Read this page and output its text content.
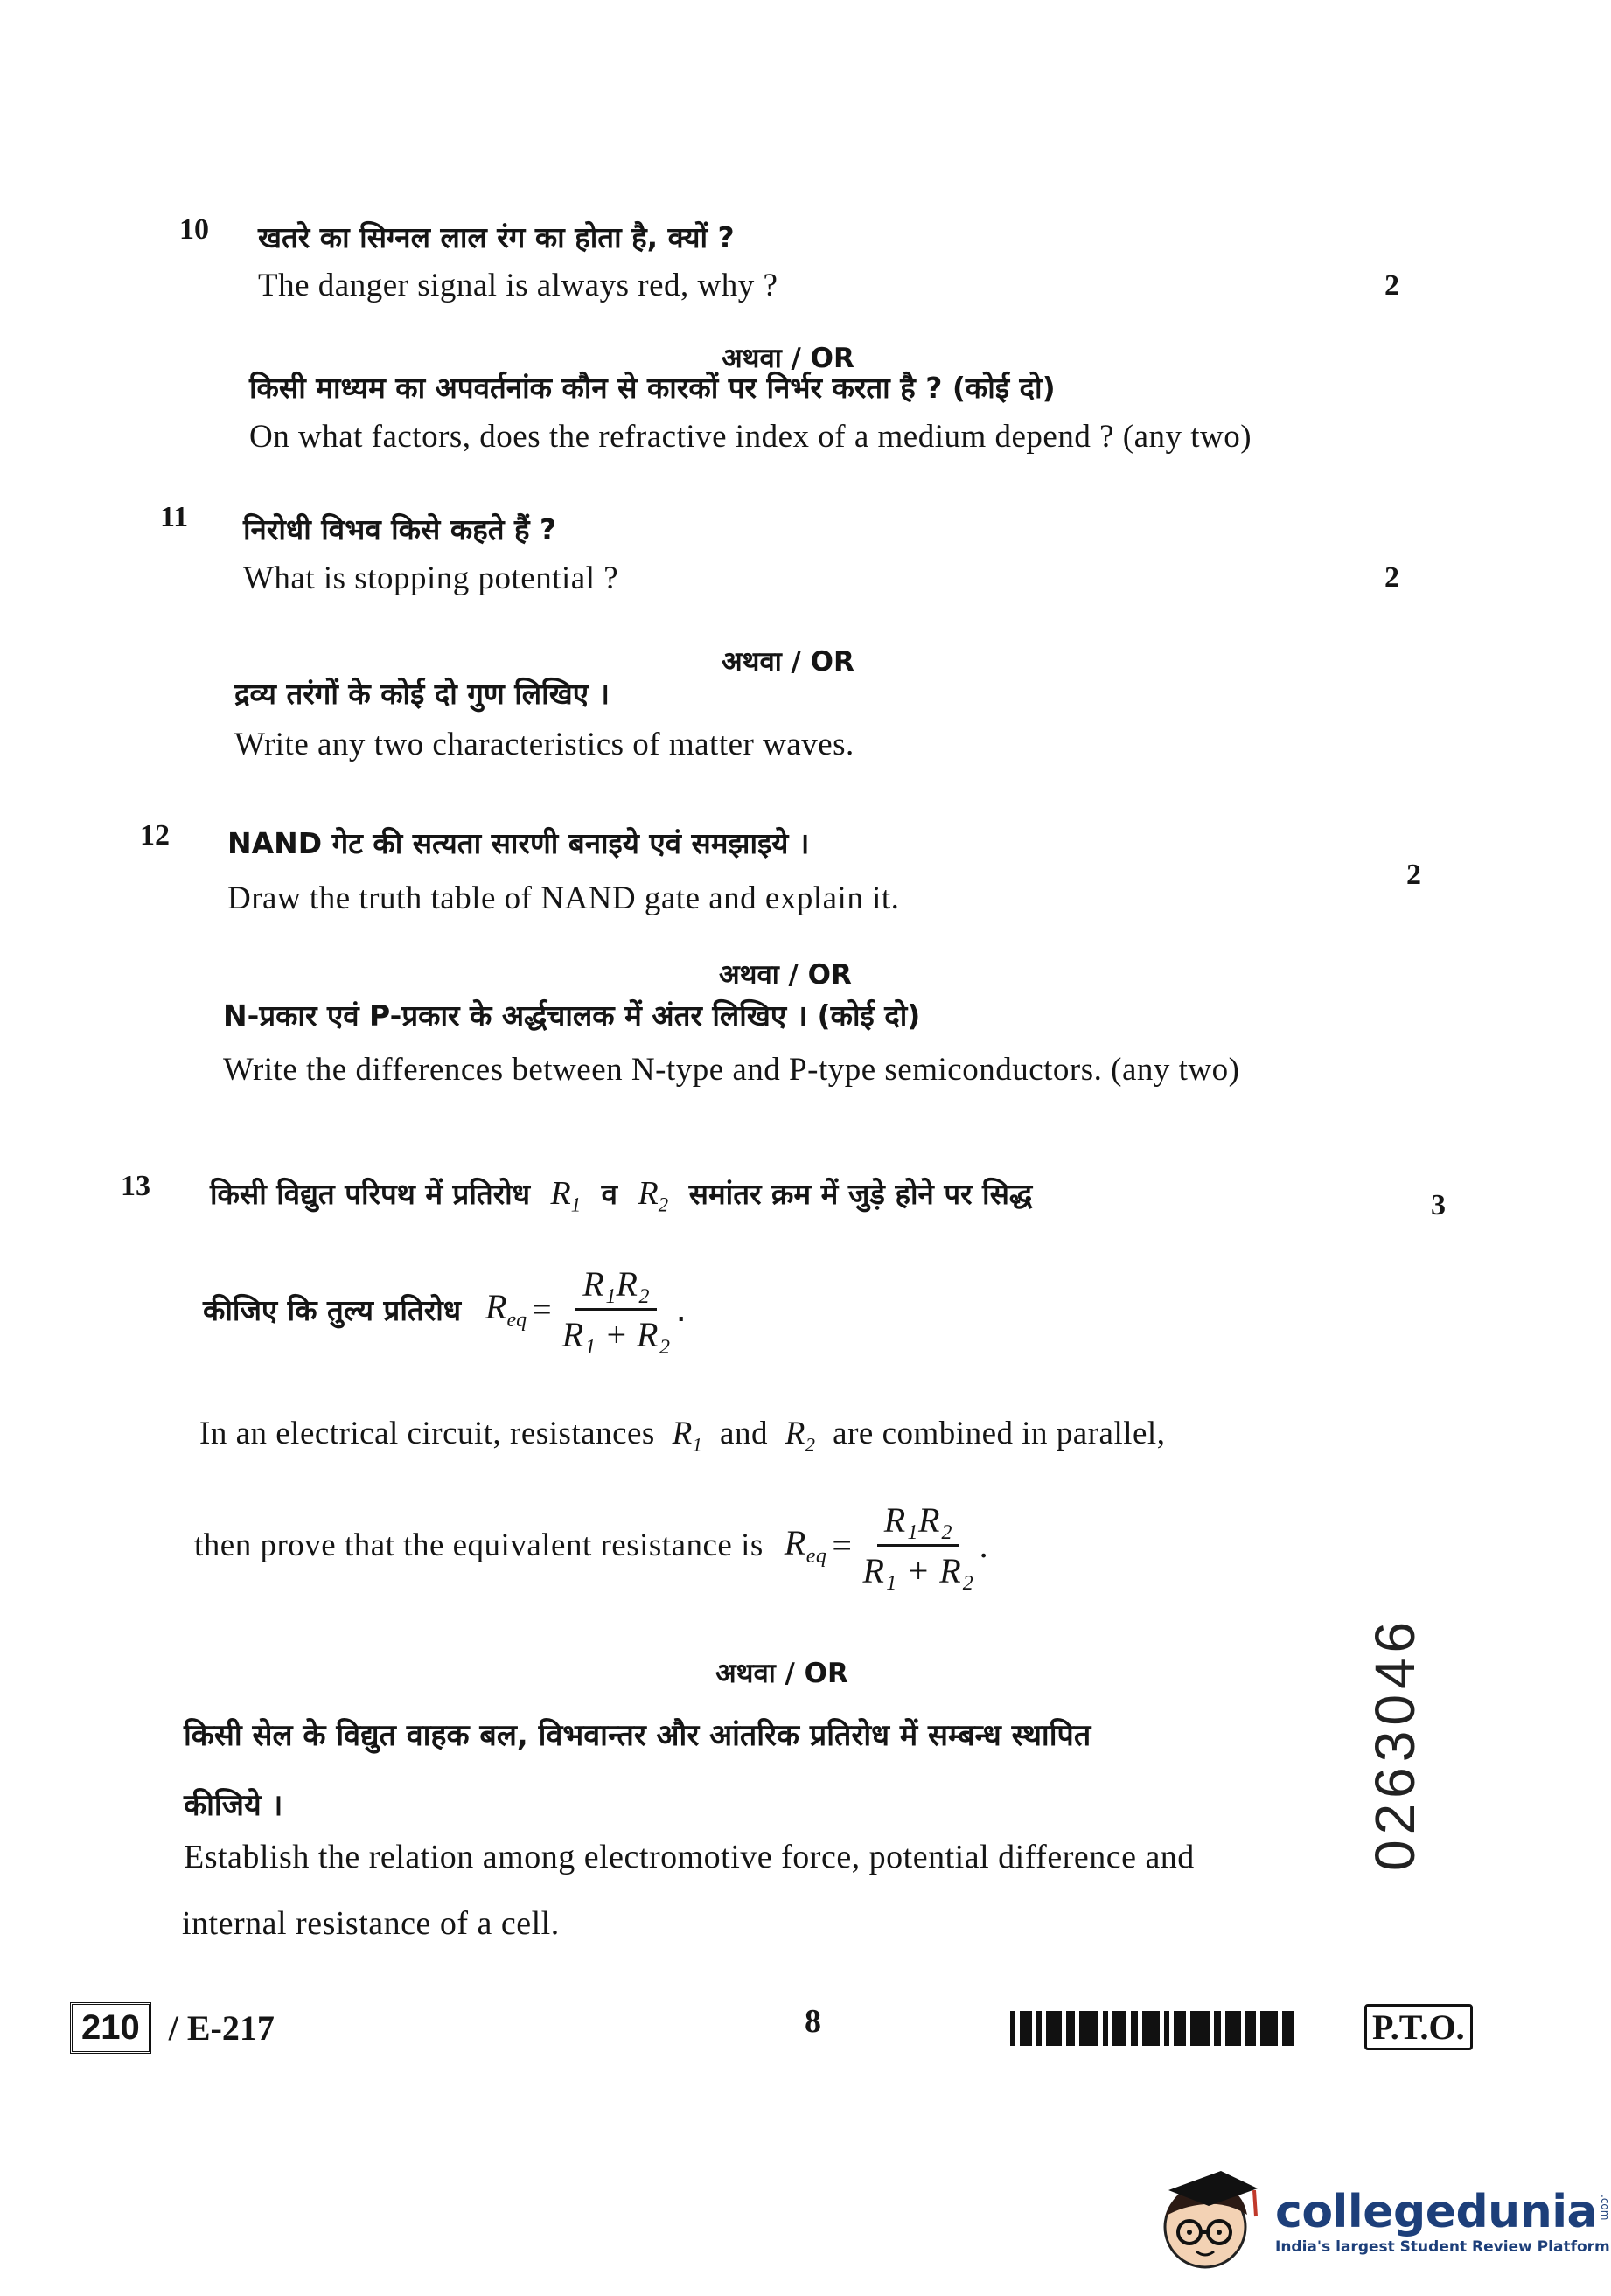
10 खतरे का सिग्नल लाल रंग का होता है, क्यों ?
The danger signal is always red, why ?	2
अथवा / OR
किसी माध्यम का अपवर्तनांक कौन से कारकों पर निर्भर करता है ? (कोई दो)
On what factors, does the refractive index of a medium depend ? (any two)
11 निरोधी विभव किसे कहते हैं ?
What is stopping potential ?	2
अथवा / OR
द्रव्य तरंगों के कोई दो गुण लिखिए ।
Write any two characteristics of matter waves.
12 NAND गेट की सत्यता सारणी बनाइये एवं समझाइये ।
Draw the truth table of NAND gate and explain it.
2
अथवा / OR
N-प्रकार एवं P-प्रकार के अर्द्धचालक में अंतर लिखिए । (कोई दो)
Write the differences between N-type and P-type semiconductors. (any two)
13 किसी विद्युत परिपथ में प्रतिरोध $R_1$ व $R_2$ समांतर क्रम में जुड़े होने पर सिद्ध	3
कीजिए कि तुल्य प्रतिरोध $R_{eq} = \frac{\text{R₁R₂}}{\text{R₁ + R₂}}$ .
In an electrical circuit, resistances $R_1$ and $R_2$ are combined in parallel,
then prove that the equivalent resistance is $R_{eq} = \frac{\text{R₁R₂}}{\text{R₁ + R₂}}$ .
अथवा / OR
किसी सेल के विद्युत वाहक बल, विभवान्तर और आंतरिक प्रतिरोध में सम्बन्ध स्थापित
कीजिये ।
Establish the relation among electromotive force, potential difference and
internal resistance of a cell.
0263046
210 / E-217	8	P.T.O.
collegedunia .com
India's largest Student Review Platform
